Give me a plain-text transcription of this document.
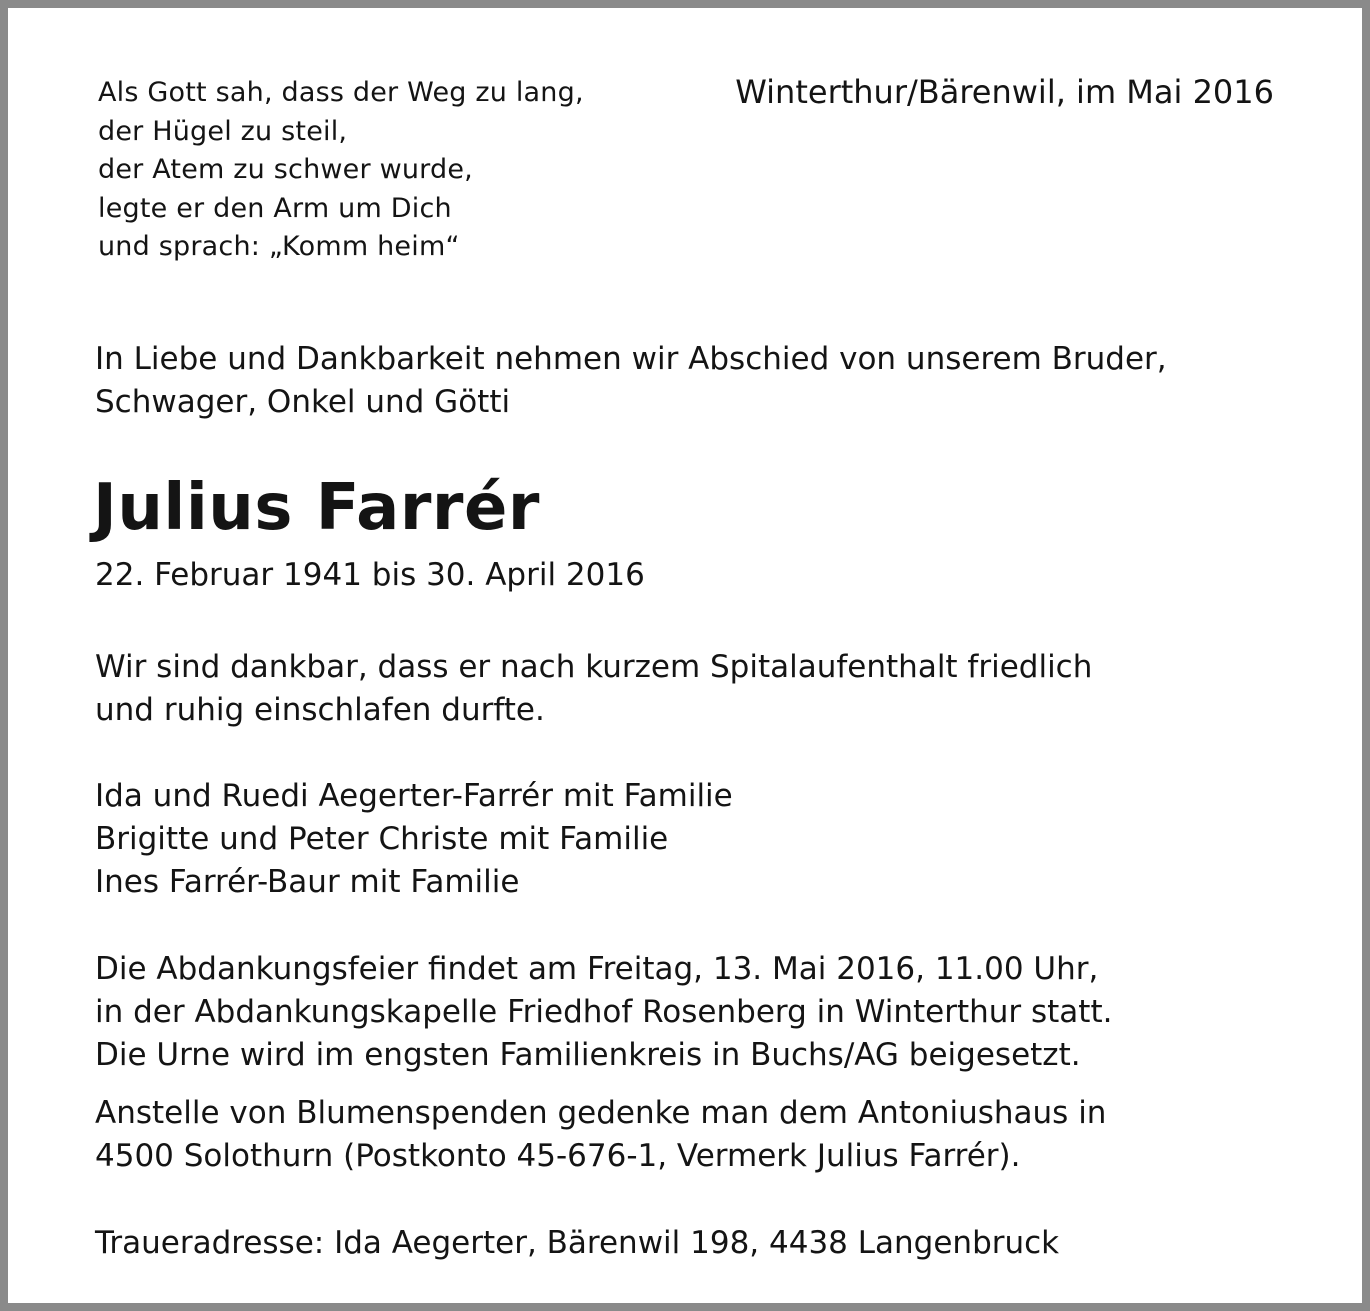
Als Gott sah, dass der Weg zu lang,
der Hügel zu steil,
der Atem zu schwer wurde,
legte er den Arm um Dich
und sprach: „Komm heim“
Winterthur/Bärenwil, im Mai 2016
In Liebe und Dankbarkeit nehmen wir Abschied von unserem Bruder,
Schwager, Onkel und Götti
Julius Farrér
22. Februar 1941 bis 30. April 2016
Wir sind dankbar, dass er nach kurzem Spitalaufenthalt friedlich
und ruhig einschlafen durfte.
Ida und Ruedi Aegerter-Farrér mit Familie
Brigitte und Peter Christe mit Familie
Ines Farrér-Baur mit Familie
Die Abdankungsfeier findet am Freitag, 13. Mai 2016, 11.00 Uhr,
in der Abdankungskapelle Friedhof Rosenberg in Winterthur statt.
Die Urne wird im engsten Familienkreis in Buchs/AG beigesetzt.
Anstelle von Blumenspenden gedenke man dem Antoniushaus in
4500 Solothurn (Postkonto 45-676-1, Vermerk Julius Farrér).
Traueradresse: Ida Aegerter, Bärenwil 198, 4438 Langenbruck
